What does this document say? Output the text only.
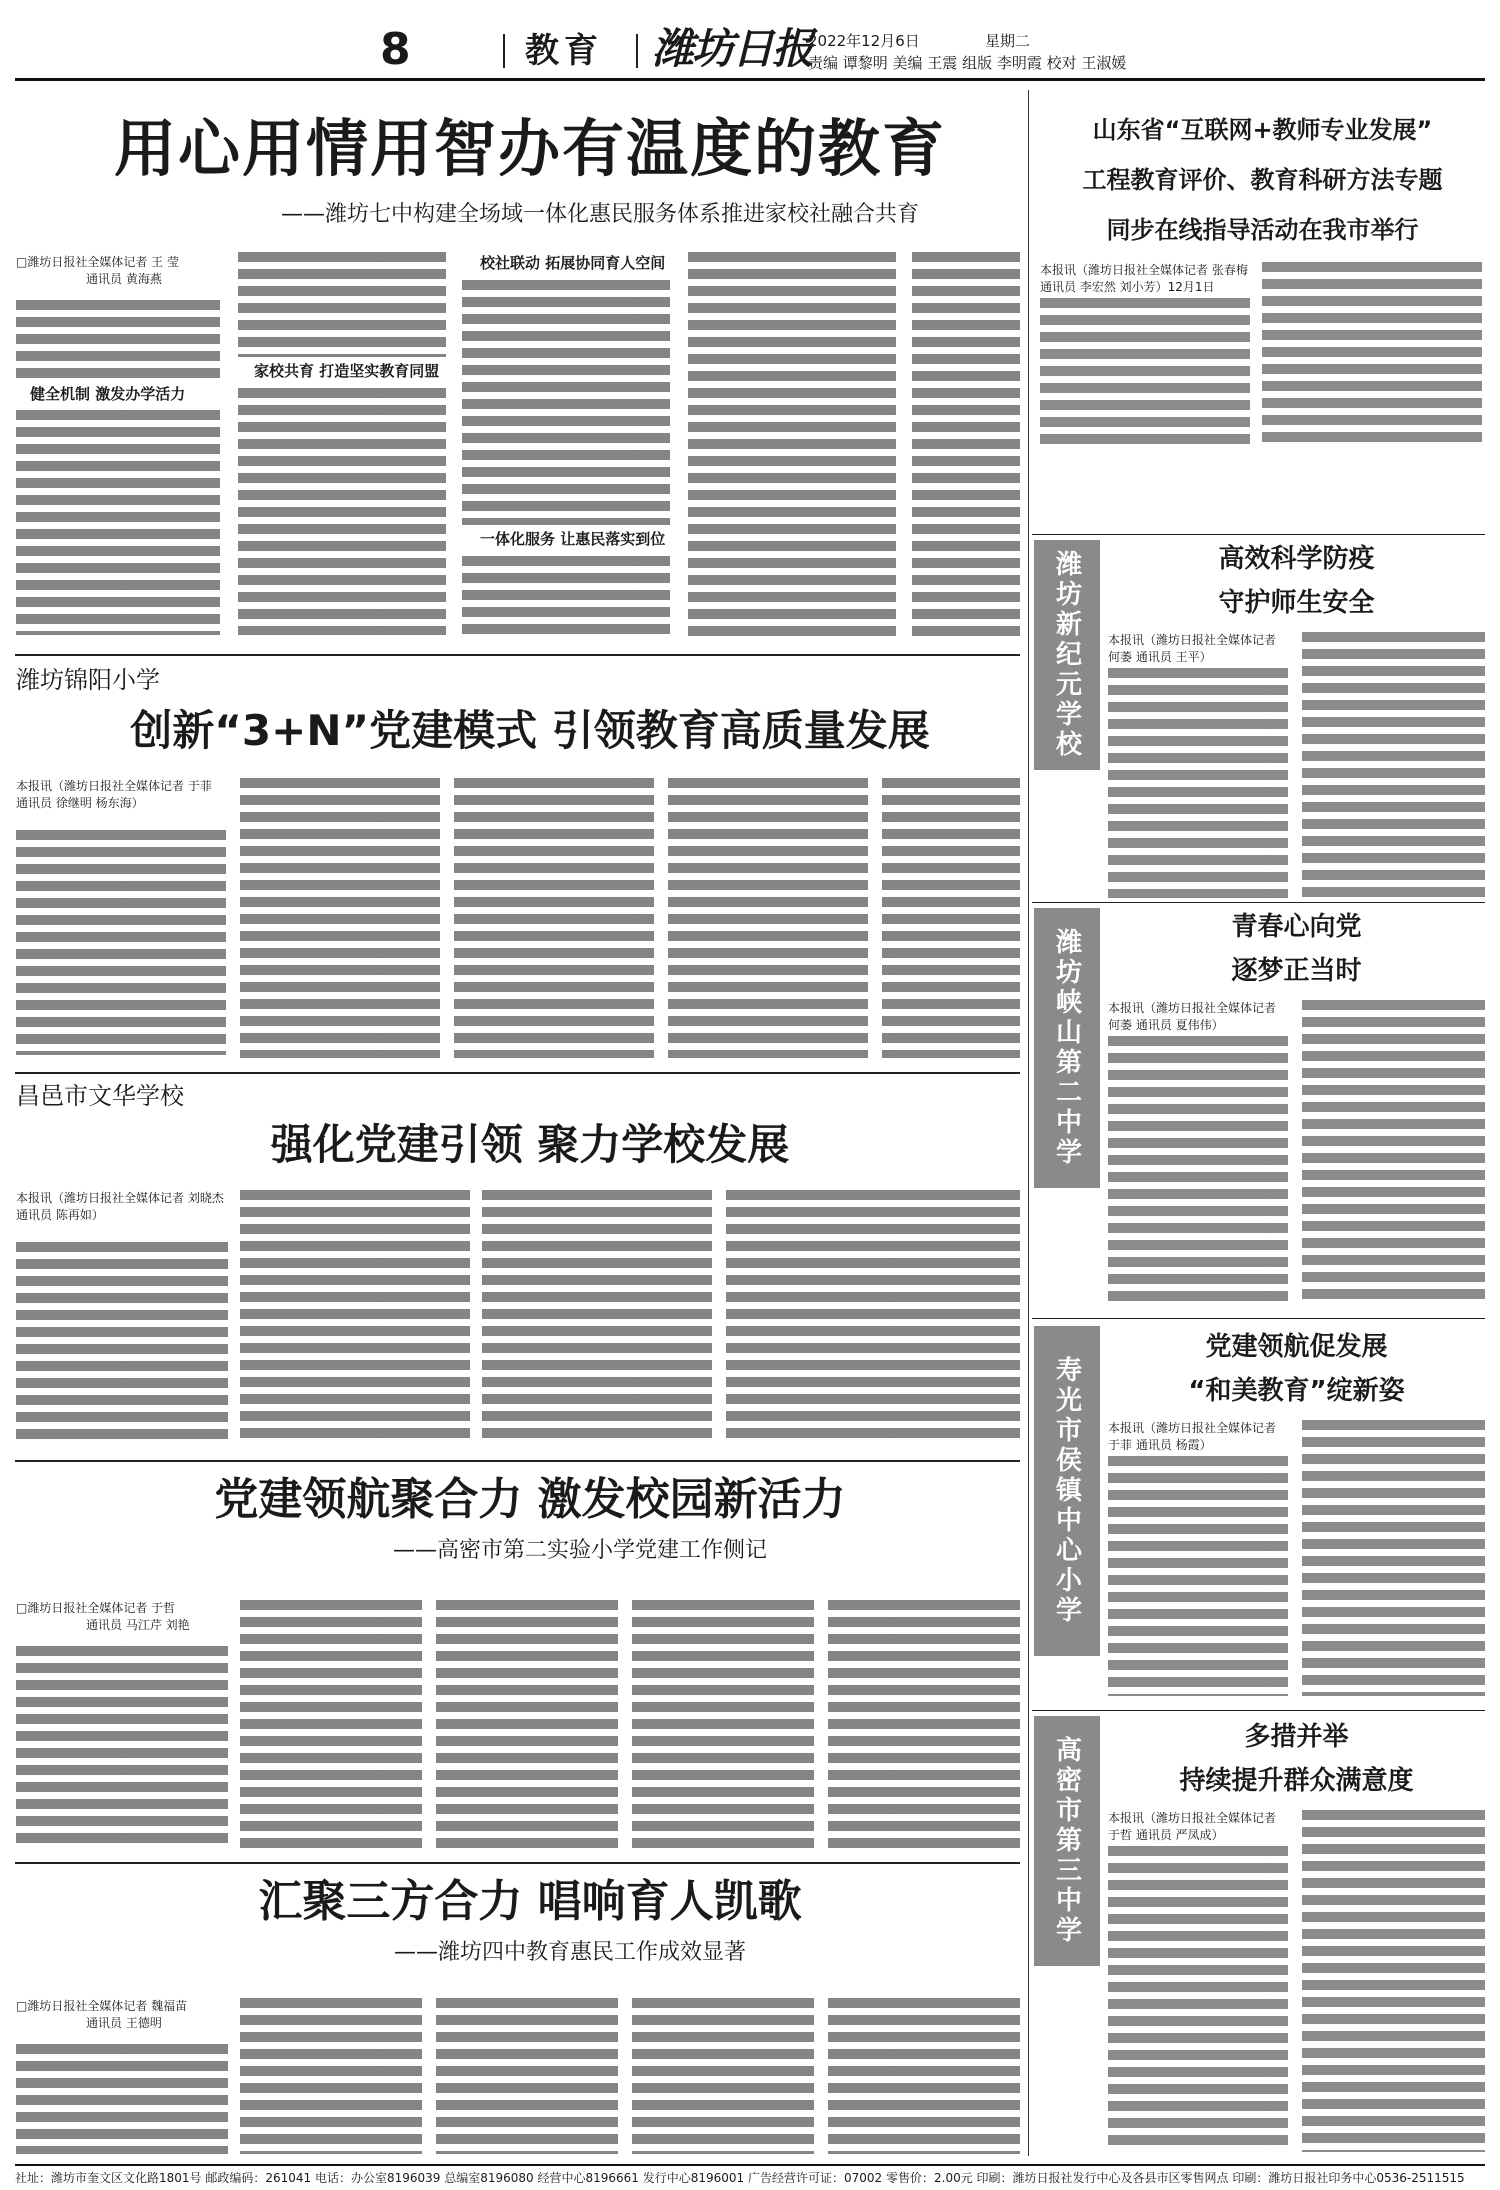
8	教育 潍坊日报
2022年12月6日	星期二
责编 谭黎明 美编 王震 组版 李明霞 校对 王淑媛
用心用情用智办有温度的教育
——潍坊七中构建全场域一体化惠民服务体系推进家校社融合共育
□潍坊日报社全媒体记者 王 莹
通讯员 黄海燕
健全机制 激发办学活力
家校共育 打造坚实教育同盟
校社联动 拓展协同育人空间
一体化服务 让惠民落实到位
潍坊锦阳小学
创新“3+N”党建模式 引领教育高质量发展
本报讯（潍坊日报社全媒体记者 于菲 通讯员 徐继明 杨东海）
昌邑市文华学校
强化党建引领 聚力学校发展
本报讯（潍坊日报社全媒体记者 刘晓杰 通讯员 陈再如）
党建领航聚合力 激发校园新活力
——高密市第二实验小学党建工作侧记
□潍坊日报社全媒体记者 于哲
通讯员 马江芹 刘艳
汇聚三方合力 唱响育人凯歌
——潍坊四中教育惠民工作成效显著
□潍坊日报社全媒体记者 魏福苗
通讯员 王德明
山东省“互联网+教师专业发展”
工程教育评价、教育科研方法专题
同步在线指导活动在我市举行
本报讯（潍坊日报社全媒体记者 张春梅 通讯员 李宏然 刘小芳）12月1日
潍坊新纪元学校	高效科学防疫
守护师生安全
本报讯（潍坊日报社全媒体记者 何萎 通讯员 王平）
潍坊峡山第二中学
青春心向党
逐梦正当时
本报讯（潍坊日报社全媒体记者 何萎 通讯员 夏伟伟）
寿光市侯镇中心小学
党建领航促发展
“和美教育”绽新姿
本报讯（潍坊日报社全媒体记者 于菲 通讯员 杨霞）
高密市第三中学	多措并举
持续提升群众满意度
本报讯（潍坊日报社全媒体记者 于哲 通讯员 严凤成）
社址：潍坊市奎文区文化路1801号 邮政编码：261041 电话：办公室8196039 总编室8196080 经营中心8196661 发行中心8196001 广告经营许可证：07002 零售价：2.00元 印刷：潍坊日报社发行中心及各县市区零售网点 印刷：潍坊日报社印务中心0536-2511515
